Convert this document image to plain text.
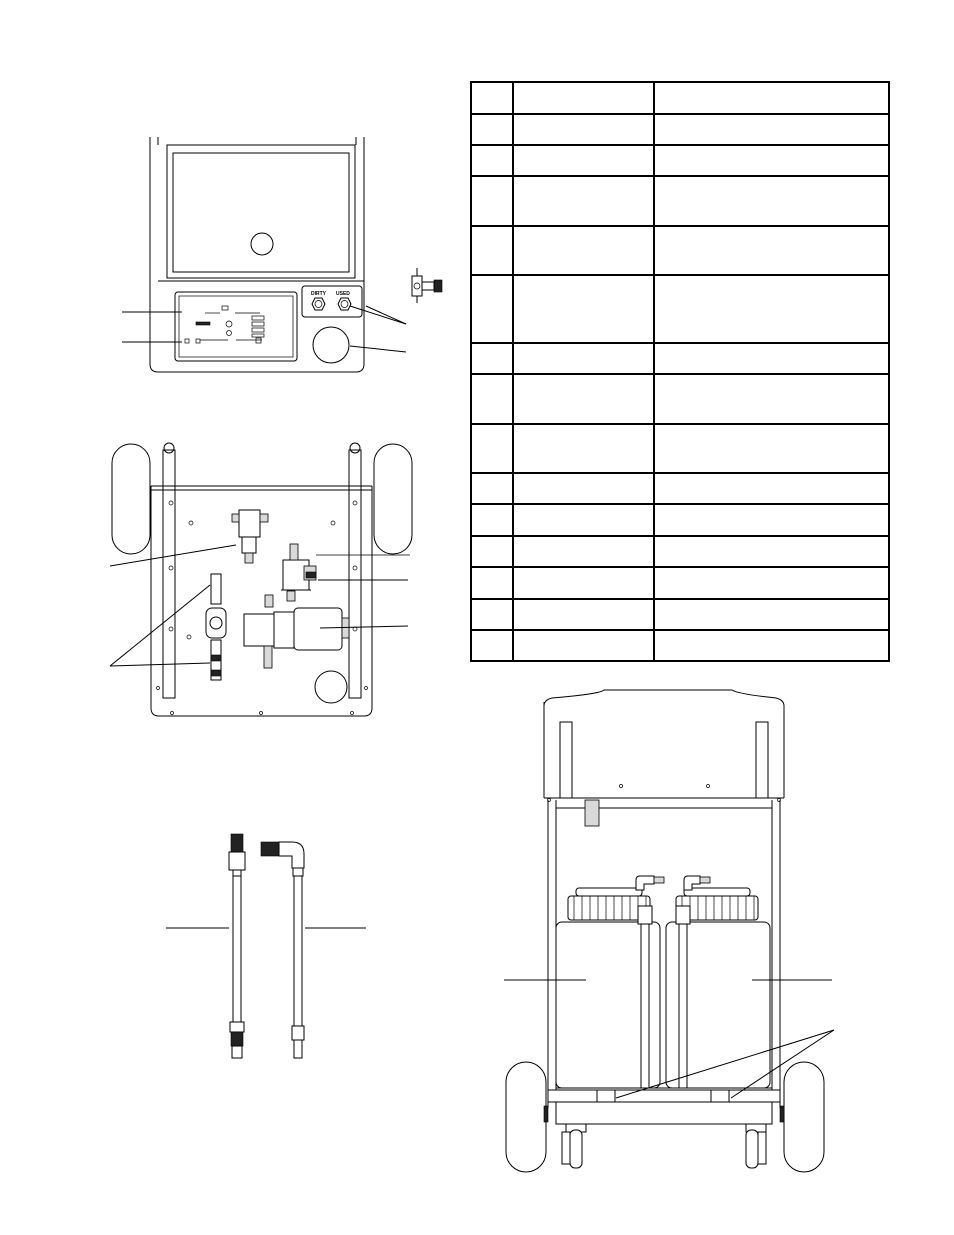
DIRTY USED
